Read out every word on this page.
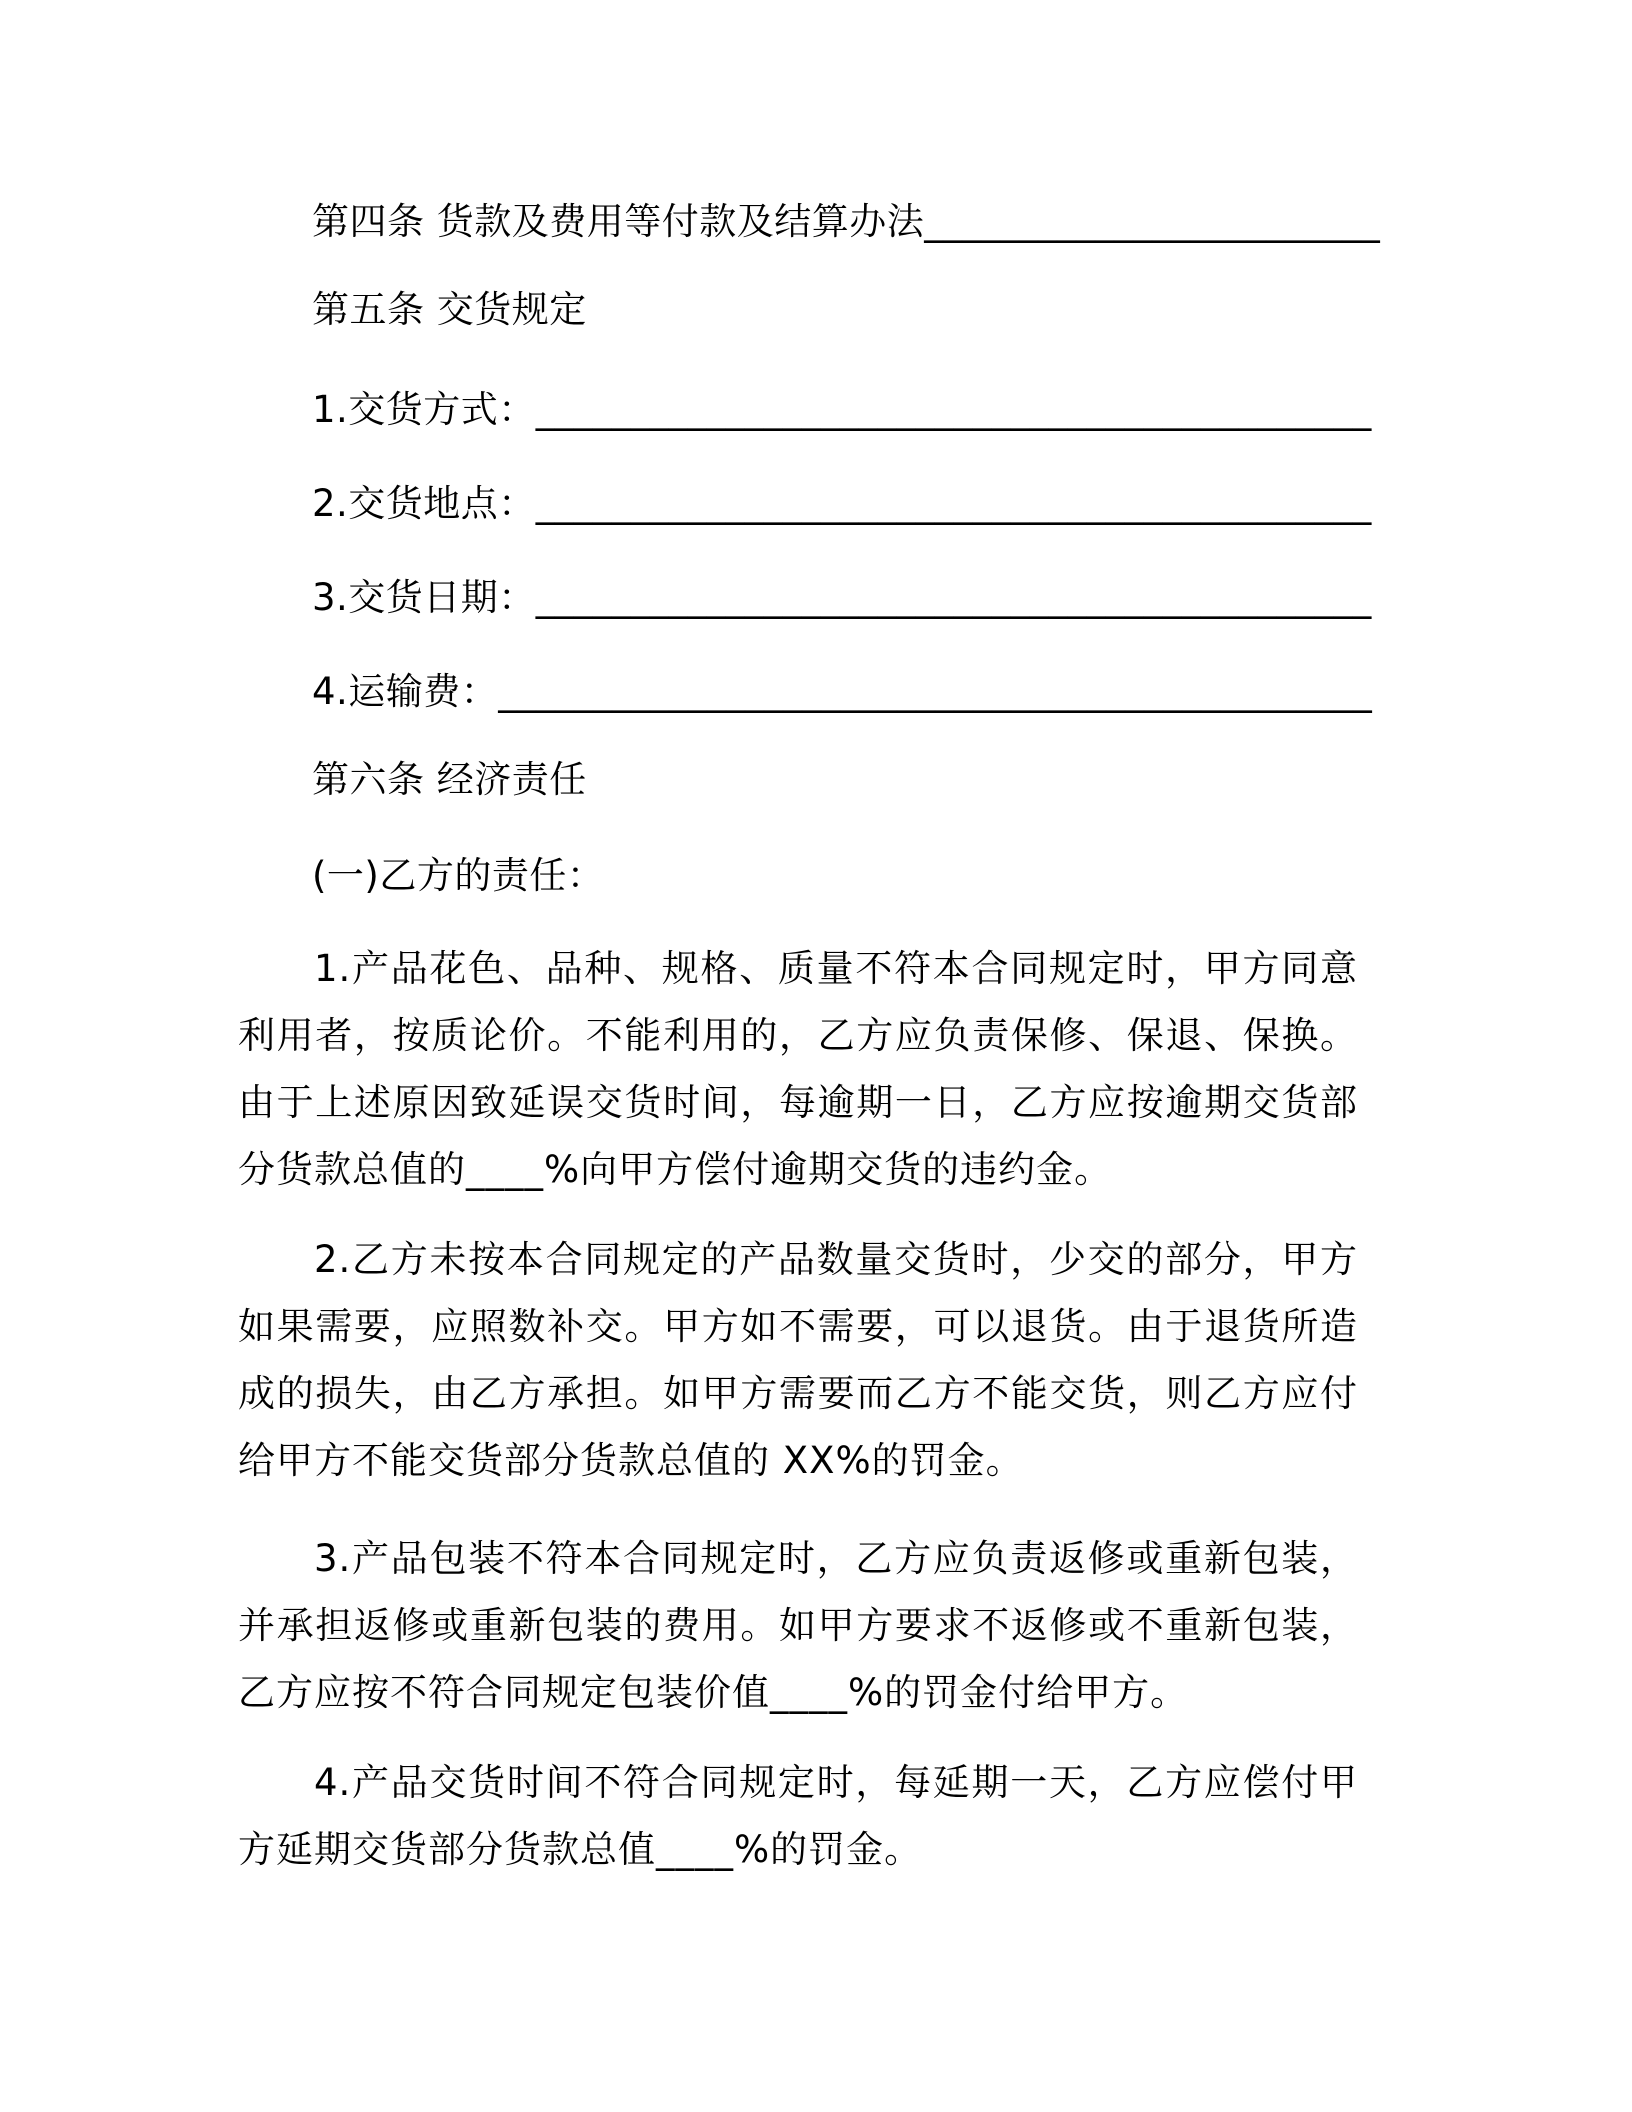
第四条 货款及费用等付款及结算办法________________________
第五条 交货规定
1.交货方式：____________________________________________
2.交货地点：____________________________________________
3.交货日期：____________________________________________
4.运输费：______________________________________________
第六条 经济责任
(一)乙方的责任：
1.产品花色、品种、规格、质量不符本合同规定时，甲方同意利用者，按质论价。不能利用的，乙方应负责保修、保退、保换。由于上述原因致延误交货时间，每逾期一日，乙方应按逾期交货部分货款总值的____%向甲方偿付逾期交货的违约金。
2.乙方未按本合同规定的产品数量交货时，少交的部分，甲方如果需要，应照数补交。甲方如不需要，可以退货。由于退货所造成的损失，由乙方承担。如甲方需要而乙方不能交货，则乙方应付给甲方不能交货部分货款总值的 XX%的罚金。
3.产品包装不符本合同规定时，乙方应负责返修或重新包装，并承担返修或重新包装的费用。如甲方要求不返修或不重新包装，乙方应按不符合同规定包装价值____%的罚金付给甲方。
4.产品交货时间不符合同规定时，每延期一天，乙方应偿付甲方延期交货部分货款总值____%的罚金。
